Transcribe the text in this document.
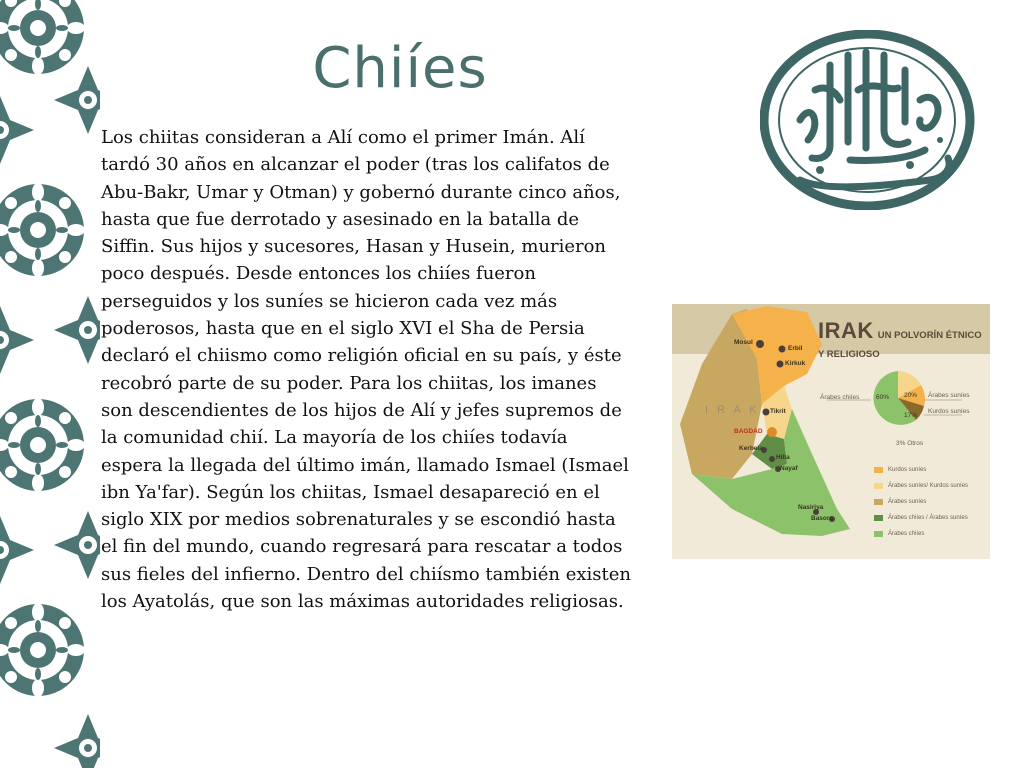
Chiíes
Los chiitas consideran a Alí como el primer Imán. Alí tardó 30 años en alcanzar el poder (tras los califatos de Abu-Bakr, Umar y Otman) y gobernó durante cinco años, hasta que fue derrotado y asesinado en la batalla de Siffin. Sus hijos y sucesores, Hasan y Husein, murieron poco después. Desde entonces los chiíes fueron perseguidos y los suníes se hicieron cada vez más poderosos, hasta que en el siglo XVI el Sha de Persia declaró el chiismo como religión oficial en su país, y éste recobró parte de su poder. Para los chiitas, los imanes son descendientes de los hijos de Alí y jefes supremos de la comunidad chií. La mayoría de los chiíes todavía espera la llegada del último imán, llamado Ismael (Ismael ibn Ya'far). Según los chiitas, Ismael desapareció en el siglo XIX por medios sobrenaturales y se escondió hasta el fin del mundo, cuando regresará para rescatar a todos sus fieles del infierno. Dentro del chiísmo también existen los Ayatolás, que son las máximas autoridades religiosas.
IRAK UN POLVORÍN ÉTNICO Y RELIGIOSO
I R A K
Mosul
Erbil
Kirkuk
Tikrit
BAGDAD
Kerbela
Hilla
Nayaf
Nasiriya
Basora
Árabes chiíes	Árabes suníes
Kurdos suníes
3% Otros
60% 20%
17%
Kurdos suníes
Árabes suníes/ Kurdos suníes
Árabes suníes
Árabes chiíes / Árabes suníes
Árabes chiíes
